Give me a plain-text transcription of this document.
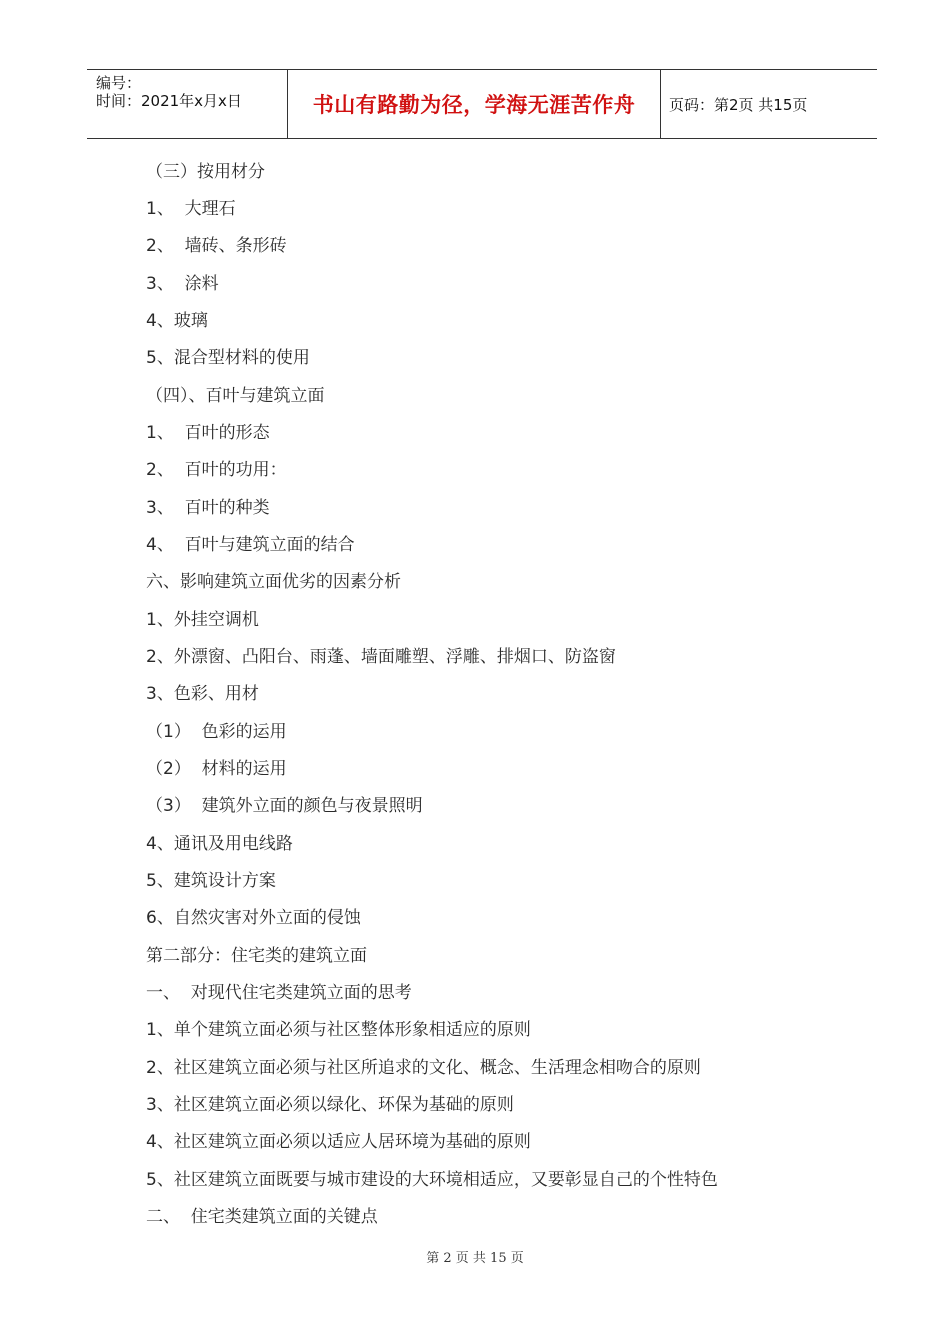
编号：
时间：2021年x月x日	书山有路勤为径，学海无涯苦作舟 页码：第2页 共15页
（三）按用材分
1、  大理石
2、  墙砖、条形砖
3、  涂料
4、玻璃
5、混合型材料的使用
（四）、百叶与建筑立面
1、  百叶的形态
2、  百叶的功用：
3、  百叶的种类
4、  百叶与建筑立面的结合
六、影响建筑立面优劣的因素分析
1、外挂空调机
2、外漂窗、凸阳台、雨蓬、墙面雕塑、浮雕、排烟口、防盗窗
3、色彩、用材
（1）  色彩的运用
（2）  材料的运用
（3）  建筑外立面的颜色与夜景照明
4、通讯及用电线路
5、建筑设计方案
6、自然灾害对外立面的侵蚀
第二部分：住宅类的建筑立面
一、  对现代住宅类建筑立面的思考
1、单个建筑立面必须与社区整体形象相适应的原则
2、社区建筑立面必须与社区所追求的文化、概念、生活理念相吻合的原则
3、社区建筑立面必须以绿化、环保为基础的原则
4、社区建筑立面必须以适应人居环境为基础的原则
5、社区建筑立面既要与城市建设的大环境相适应，又要彰显自己的个性特色
二、  住宅类建筑立面的关键点
第 2 页 共 15 页
